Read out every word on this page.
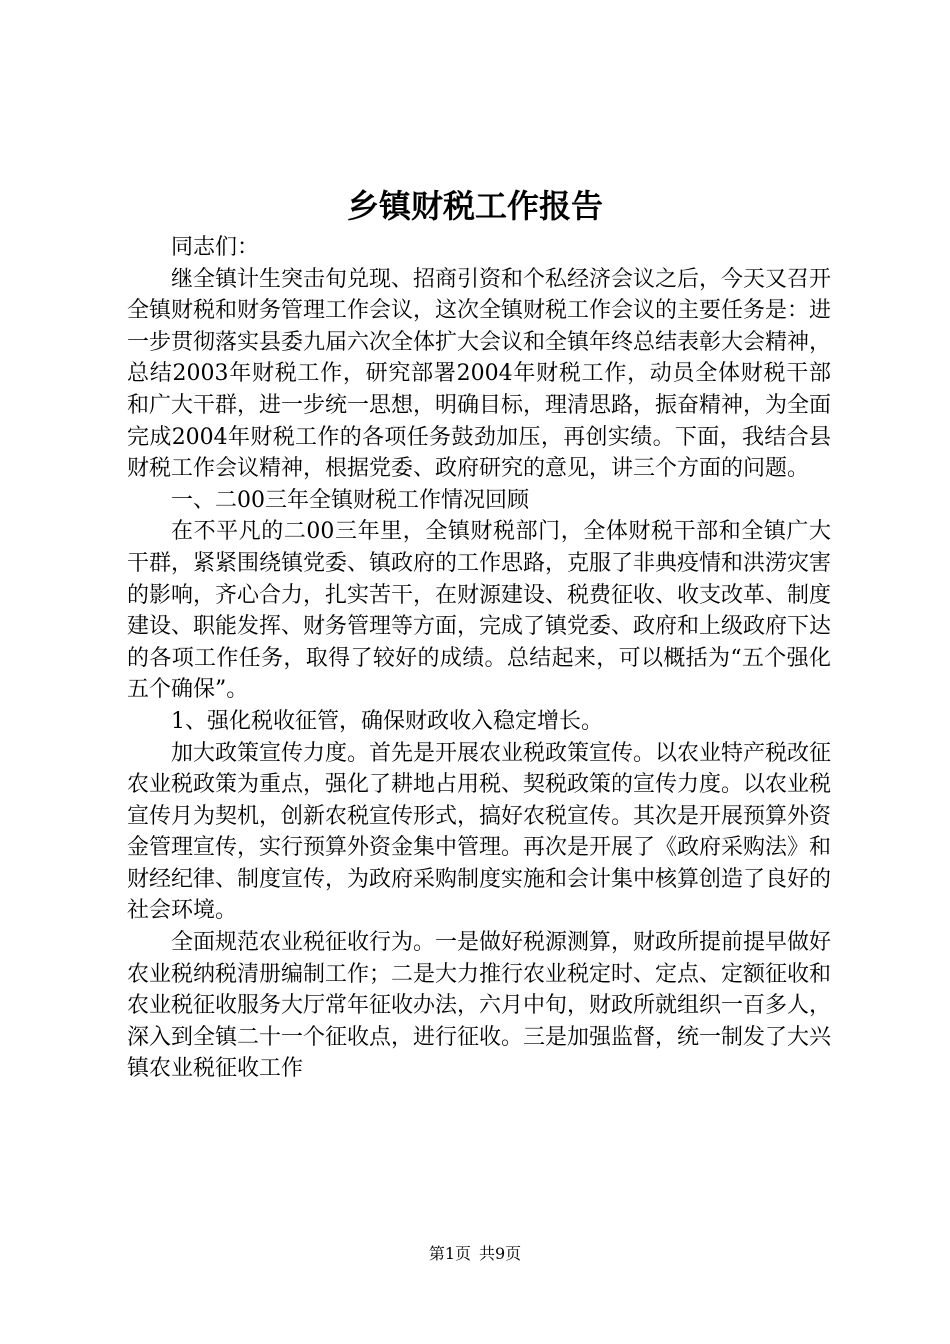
乡镇财税工作报告

同志们：

继全镇计生突击旬兑现、招商引资和个私经济会议之后，今天又召开全镇财税和财务管理工作会议，这次全镇财税工作会议的主要任务是：进一步贯彻落实县委九届六次全体扩大会议和全镇年终总结表彰大会精神，总结2003年财税工作，研究部署2004年财税工作，动员全体财税干部和广大干群，进一步统一思想，明确目标，理清思路，振奋精神，为全面完成2004年财税工作的各项任务鼓劲加压，再创实绩。下面，我结合县财税工作会议精神，根据党委、政府研究的意见，讲三个方面的问题。

一、二00三年全镇财税工作情况回顾

在不平凡的二00三年里，全镇财税部门，全体财税干部和全镇广大干群，紧紧围绕镇党委、镇政府的工作思路，克服了非典疫情和洪涝灾害的影响，齐心合力，扎实苦干，在财源建设、税费征收、收支改革、制度建设、职能发挥、财务管理等方面，完成了镇党委、政府和上级政府下达的各项工作任务，取得了较好的成绩。总结起来，可以概括为“五个强化五个确保”。

1、强化税收征管，确保财政收入稳定增长。

加大政策宣传力度。首先是开展农业税政策宣传。以农业特产税改征农业税政策为重点，强化了耕地占用税、契税政策的宣传力度。以农业税宣传月为契机，创新农税宣传形式，搞好农税宣传。其次是开展预算外资金管理宣传，实行预算外资金集中管理。再次是开展了《政府采购法》和财经纪律、制度宣传，为政府采购制度实施和会计集中核算创造了良好的社会环境。

全面规范农业税征收行为。一是做好税源测算，财政所提前提早做好农业税纳税清册编制工作；二是大力推行农业税定时、定点、定额征收和农业税征收服务大厅常年征收办法，六月中旬，财政所就组织一百多人，深入到全镇二十一个征收点，进行征收。三是加强监督，统一制发了大兴镇农业税征收工作

第1页 共9页
